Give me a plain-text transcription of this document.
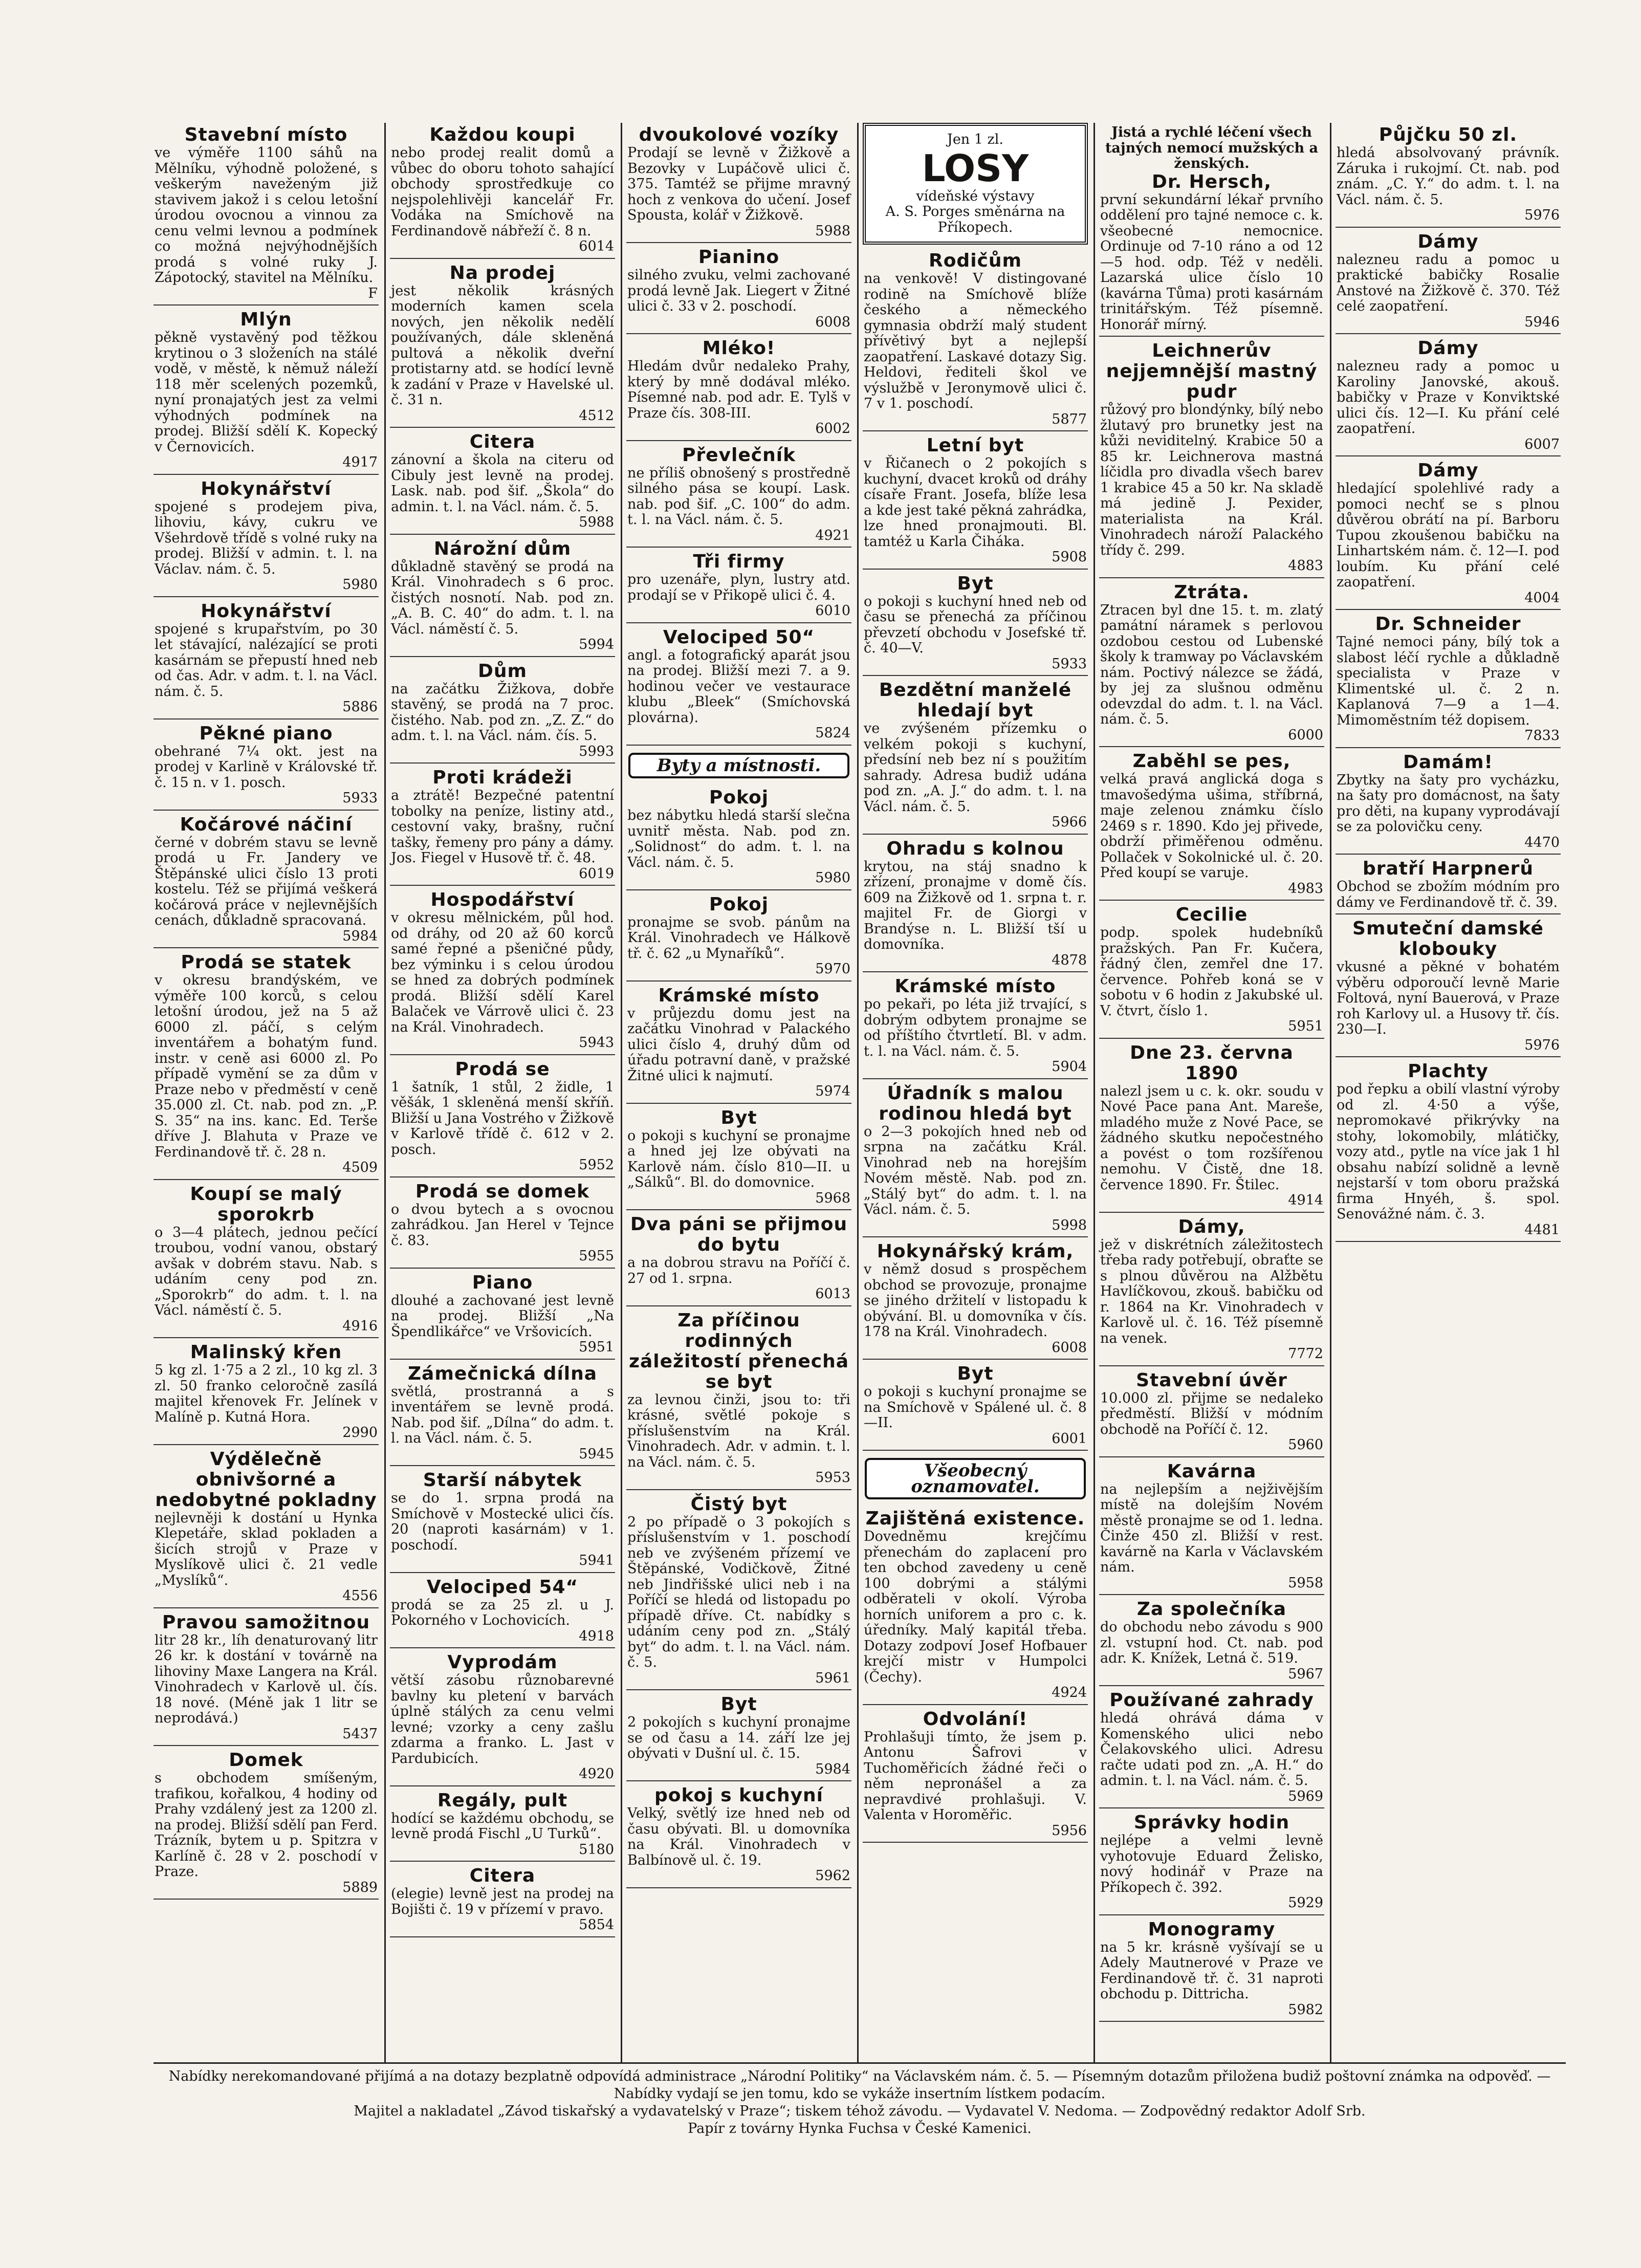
Stavební místo

ve výměře 1100 sáhů na Mělníku, výhodně položené, s veškerým naveženým již stavivem jakož i s celou letošní úrodou ovocnou a vinnou za cenu velmi levnou a podmínek co možná nejvýhodnějších prodá s volné ruky J. Zápotocký, stavitel na Mělníku.

F
Mlýn

pěkně vystavěný pod těžkou krytinou o 3 složeních na stálé vodě, v městě, k němuž náleží 118 měr scelených pozemků, nyní pronajatých jest za velmi výhodných podmínek na prodej. Bližší sdělí K. Kopecký v Černovicích.

4917
Hokynářství

spojené s prodejem piva, lihoviu, kávy, cukru ve Všehrdově třídě s volné ruky na prodej. Bližší v admin. t. l. na Václav. nám. č. 5.

5980
Hokynářství

spojené s krupařstvím, po 30 let stávající, nalézající se proti kasárnám se přepustí hned neb od čas. Adr. v adm. t. l. na Václ. nám. č. 5.

5886
Pěkné piano

obehrané 7¼ okt. jest na prodej v Karlině v Královské tř. č. 15 n. v 1. posch.

5933
Kočárové náčiní

černé v dobrém stavu se levně prodá u Fr. Jandery ve Štěpánské ulici číslo 13 proti kostelu. Též se přijímá veškerá kočárová práce v nejlevnějších cenách, důkladně spracovaná.

5984
Prodá se statek

v okresu brandýském, ve výměře 100 korců, s celou letošní úrodou, jež na 5 až 6000 zl. páčí, s celým inventářem a bohatým fund. instr. v ceně asi 6000 zl. Po případě vymění se za dům v Praze nebo v předměstí v ceně 35.000 zl. Ct. nab. pod zn. „P. S. 35“ na ins. kanc. Ed. Terše dříve J. Blahuta v Praze ve Ferdinandově tř. č. 28 n.

4509
Koupí se malý sporokrb

o 3—4 plátech, jednou pečící troubou, vodní vanou, obstarý avšak v dobrém stavu. Nab. s udáním ceny pod zn. „Sporokrb“ do adm. t. l. na Václ. náměstí č. 5.

4916
Malinský křen

5 kg zl. 1·75 a 2 zl., 10 kg zl. 3 zl. 50 franko celoročně zasílá majitel křenovek Fr. Jelínek v Malíně p. Kutná Hora.

2990
Výdělečně obnivšorné a nedobytné pokladny

nejlevněji k dostání u Hynka Klepetáře, sklad pokladen a šicích strojů v Praze v Myslíkově ulici č. 21 vedle „Myslíků“.

4556
Pravou samožitnou

litr 28 kr., líh denaturovaný litr 26 kr. k dostání v továrně na lihoviny Maxe Langera na Král. Vinohradech v Karlově ul. čís. 18 nové. (Méně jak 1 litr se neprodává.)

5437
Domek

s obchodem smíšeným, trafikou, kořalkou, 4 hodiny od Prahy vzdálený jest za 1200 zl. na prodej. Bližší sdělí pan Ferd. Trázník, bytem u p. Spitzra v Karlíně č. 28 v 2. poschodí v Praze.

5889
Každou koupi

nebo prodej realit domů a vůbec do oboru tohoto sahající obchody sprostředkuje co nejspolehlivěji kancelář Fr. Vodáka na Smíchově na Ferdinandově nábřeží č. 8 n.

6014
Na prodej

jest několik krásných moderních kamen scela nových, jen několik nedělí používaných, dále skleněná pultová a několik dveřní protistarny atd. se hodící levně k zadání v Praze v Havelské ul. č. 31 n.

4512
Citera

zánovní a škola na citeru od Cibuly jest levně na prodej. Lask. nab. pod šif. „Škola“ do admin. t. l. na Václ. nám. č. 5.

5988
Nárožní dům

důkladně stavěný se prodá na Král. Vinohradech s 6 proc. čistých nosnotí. Nab. pod zn. „A. B. C. 40“ do adm. t. l. na Václ. náměstí č. 5.

5994
Dům

na začátku Žižkova, dobře stavěný, se prodá na 7 proc. čistého. Nab. pod zn. „Z. Z.“ do adm. t. l. na Václ. nám. čís. 5.

5993
Proti krádeži

a ztrátě! Bezpečné patentní tobolky na peníze, listiny atd., cestovní vaky, brašny, ruční tašky, řemeny pro pány a dámy. Jos. Fiegel v Husově tř. č. 48.

6019
Hospodářství

v okresu mělnickém, půl hod. od dráhy, od 20 až 60 korců samé řepné a pšeničné půdy, bez výminku i s celou úrodou se hned za dobrých podmínek prodá. Bližší sdělí Karel Balaček ve Várrově ulici č. 23 na Král. Vinohradech.

5943
Prodá se

1 šatník, 1 stůl, 2 židle, 1 věšák, 1 skleněná menší skříň. Bližší u Jana Vostrého v Žižkově v Karlově třídě č. 612 v 2. posch.

5952
Prodá se domek

o dvou bytech a s ovocnou zahrádkou. Jan Herel v Tejnce č. 83.

5955
Piano

dlouhé a zachované jest levně na prodej. Bližší „Na Špendlikářce“ ve Vršovicích.

5951
Zámečnická dílna

světlá, prostranná a s inventářem se levně prodá. Nab. pod šif. „Dílna“ do adm. t. l. na Václ. nám. č. 5.

5945
Starší nábytek

se do 1. srpna prodá na Smíchově v Mostecké ulici čís. 20 (naproti kasárnám) v 1. poschodí.

5941
Velociped 54“

prodá se za 25 zl. u J. Pokorného v Lochovicích.

4918
Vyprodám

větší zásobu různobarevné bavlny ku pletení v barvách úplně stálých za cenu velmi levné; vzorky a ceny zašlu zdarma a franko. L. Jast v Pardubicích.

4920
Regály, pult

hodící se každému obchodu, se levně prodá Fischl „U Turků“.

5180
Citera

(elegie) levně jest na prodej na Bojišti č. 19 v přízemí v pravo.

5854
dvoukolové vozíky

Prodají se levně v Žižkově a Bezovky v Lupáčově ulici č. 375. Tamtéž se přijme mravný hoch z venkova do učení. Josef Spousta, kolář v Žižkově.

5988
Pianino

silného zvuku, velmi zachované prodá levně Jak. Liegert v Žitné ulici č. 33 v 2. poschodí.

6008
Mléko!

Hledám dvůr nedaleko Prahy, který by mně dodával mléko. Písemné nab. pod adr. E. Tylš v Praze čís. 308-III.

6002
Převlečník

ne příliš obnošený s prostředně silného pása se koupí. Lask. nab. pod šif. „C. 100“ do adm. t. l. na Václ. nám. č. 5.

4921
Tři firmy

pro uzenáře, plyn, lustry atd. prodají se v Přikopě ulici č. 4.

6010
Velociped 50“

angl. a fotografický aparát jsou na prodej. Bližší mezi 7. a 9. hodinou večer ve vestaurace klubu „Bleek“ (Smíchovská plovárna).

5824
Byty a místnosti.
Pokoj

bez nábytku hledá starší slečna uvnitř města. Nab. pod zn. „Solidnost“ do adm. t. l. na Václ. nám. č. 5.

5980
Pokoj

pronajme se svob. pánům na Král. Vinohradech ve Hálkově tř. č. 62 „u Mynaříků“.

5970
Krámské místo

v průjezdu domu jest na začátku Vinohrad v Palackého ulici číslo 4, druhý dům od úřadu potravní daně, v pražské Žitné ulici k najmutí.

5974
Byt

o pokoji s kuchyní se pronajme a hned jej lze obývati na Karlově nám. číslo 810—II. u „Sálků“. Bl. do domovnice.

5968
Dva páni se přijmou do bytu

a na dobrou stravu na Poříčí č. 27 od 1. srpna.

6013
Za příčinou rodinných záležitostí přenechá se byt

za levnou činži, jsou to: tři krásné, světlé pokoje s příslušenstvím na Král. Vinohradech. Adr. v admin. t. l. na Václ. nám. č. 5.

5953
Čistý byt

2 po případě o 3 pokojích s příslušenstvím v 1. poschodí neb ve zvýšeném přízemí ve Štěpánské, Vodičkově, Žitné neb Jindřišské ulici neb i na Poříčí se hledá od listopadu po případě dříve. Ct. nabídky s udáním ceny pod zn. „Stálý byt“ do adm. t. l. na Václ. nám. č. 5.

5961
Byt

2 pokojích s kuchyní pronajme se od času a 14. září lze jej obývati v Dušní ul. č. 15.

5984
pokoj s kuchyní

Velký, světlý ize hned neb od času obývati. Bl. u domovníka na Král. Vinohradech v Balbínově ul. č. 19.

5962
Jen 1 zl.
LOSY
vídeňské výstavy
A. S. Porges směnárna na Příkopech.
Rodičům

na venkově! V distingované rodině na Smíchově blíže českého a německého gymnasia obdrží malý student přívětivý byt a nejlepší zaopatření. Laskavé dotazy Sig. Heldovi, řediteli škol ve výslužbě v Jeronymově ulici č. 7 v 1. poschodí.

5877
Letní byt

v Řičanech o 2 pokojích s kuchyní, dvacet kroků od dráhy císaře Frant. Josefa, blíže lesa a kde jest také pěkná zahrádka, lze hned pronajmouti. Bl. tamtéž u Karla Čiháka.

5908
Byt

o pokoji s kuchyní hned neb od času se přenechá za příčinou převzetí obchodu v Josefské tř. č. 40—V.

5933
Bezdětní manželé hledají byt

ve zvýšeném přízemku o velkém pokoji s kuchyní, předsíní neb bez ní s použitím sahrady. Adresa budiž udána pod zn. „A. J.“ do adm. t. l. na Václ. nám. č. 5.

5966
Ohradu s kolnou

krytou, na stáj snadno k zřízení, pronajme v domě čís. 609 na Žižkově od 1. srpna t. r. majitel Fr. de Giorgi v Brandýse n. L. Bližší tší u domovníka.

4878
Krámské místo

po pekaři, po léta již trvající, s dobrým odbytem pronajme se od příštího čtvrtletí. Bl. v adm. t. l. na Václ. nám. č. 5.

5904
Úřadník s malou rodinou hledá byt

o 2—3 pokojích hned neb od srpna na začátku Král. Vinohrad neb na horejším Novém městě. Nab. pod zn. „Stálý byt“ do adm. t. l. na Václ. nám. č. 5.

5998
Hokynářský krám,

v němž dosud s prospěchem obchod se provozuje, pronajme se jiného držitelí v listopadu k obývání. Bl. u domovníka v čís. 178 na Král. Vinohradech.

6008
Byt

o pokoji s kuchyní pronajme se na Smíchově v Spálené ul. č. 8—II.

6001
Všeobecný oznamovatel.
Zajištěná existence.

Dovedněmu krejčímu přenechám do zaplacení pro ten obchod zavedeny u ceně 100 dobrými a stálými odběrateli v okolí. Výroba horních uniforem a pro c. k. úředníky. Malý kapitál třeba. Dotazy zodpoví Josef Hofbauer krejčí mistr v Humpolci (Čechy).

4924
Odvolání!

Prohlašuji tímto, že jsem p. Antonu Šafrovi v Tuchoměřicích žádné řeči o něm nepronášel a za nepravdivé prohlašuji. V. Valenta v Horoměřic.

5956

Jistá a rychlé léčení všech tajných nemocí mužských a ženských.

Dr. Hersch,

první sekundární lékař prvního oddělení pro tajné nemoce c. k. všeobecné nemocnice. Ordinuje od 7-10 ráno a od 12—5 hod. odp. Též v neděli. Lazarská ulice číslo 10 (kavárna Tůma) proti kasárnám trinitářským. Též písemně. Honorář mírný.

Leichnerův nejjemnější mastný pudr

růžový pro blondýnky, bílý nebo žlutavý pro brunetky jest na kůži neviditelný. Krabice 50 a 85 kr. Leichnerova mastná líčidla pro divadla všech barev 1 krabice 45 a 50 kr. Na skladě má jedině J. Pexider, materialista na Král. Vinohradech nároží Palackého třídy č. 299.

4883
Ztráta.

Ztracen byl dne 15. t. m. zlatý památní náramek s perlovou ozdobou cestou od Lubenské školy k tramway po Václavském nám. Poctivý nálezce se žádá, by jej za slušnou odměnu odevzdal do adm. t. l. na Václ. nám. č. 5.

6000
Zaběhl se pes,

velká pravá anglická doga s tmavošedýma ušima, stříbrná, maje zelenou známku číslo 2469 s r. 1890. Kdo jej přivede, obdrží přiměřenou odměnu. Pollaček v Sokolnické ul. č. 20. Před koupí se varuje.

4983
Cecilie

podp. spolek hudebníků pražských. Pan Fr. Kučera, řádný člen, zemřel dne 17. července. Pohřeb koná se v sobotu v 6 hodin z Jakubské ul. V. čtvrt, číslo 1.

5951
Dne 23. června 1890

nalezl jsem u c. k. okr. soudu v Nové Pace pana Ant. Mareše, mladého muže z Nové Pace, se žádného skutku nepočestného a povést o tom rozšířenou nemohu. V Čistě, dne 18. července 1890. Fr. Štilec.

4914
Dámy,

jež v diskrétních záležitostech třeba rady potřebují, obraťte se s plnou důvěrou na Alžbětu Havlíčkovou, zkouš. babičku od r. 1864 na Kr. Vinohradech v Karlově ul. č. 16. Též písemně na venek.

7772
Stavební úvěr

10.000 zl. přijme se nedaleko předměstí. Bližší v módním obchodě na Poříčí č. 12.

5960
Kavárna

na nejlepším a nejživějším místě na dolejším Novém městě pronajme se od 1. ledna. Činže 450 zl. Bližší v rest. kavárně na Karla v Václavském nám.

5958
Za společníka

do obchodu nebo závodu s 900 zl. vstupní hod. Ct. nab. pod adr. K. Knížek, Letná č. 519.

5967
Používané zahrady

hledá ohrává dáma v Komenského ulici nebo Čelakovského ulici. Adresu račte udati pod zn. „A. H.“ do admin. t. l. na Václ. nám. č. 5.

5969
Správky hodin

nejlépe a velmi levně vyhotovuje Eduard Želisko, nový hodinář v Praze na Příkopech č. 392.

5929
Monogramy

na 5 kr. krásně vyšívají se u Adely Mautnerové v Praze ve Ferdinandově tř. č. 31 naproti obchodu p. Dittricha.

5982
Půjčku 50 zl.

hledá absolvovaný právník. Záruka i rukojmí. Ct. nab. pod znám. „C. Y.“ do adm. t. l. na Václ. nám. č. 5.

5976
Dámy

nalezneu radu a pomoc u praktické babičky Rosalie Anstové na Žižkově č. 370. Též celé zaopatření.

5946
Dámy

nalezneu rady a pomoc u Karoliny Janovské, akouš. babičky v Praze v Konviktské ulici čís. 12—I. Ku přání celé zaopatření.

6007
Dámy

hledající spolehlivé rady a pomoci nechť se s plnou důvěrou obrátí na pí. Barboru Tupou zkoušenou babičku na Linhartském nám. č. 12—I. pod loubím. Ku přání celé zaopatření.

4004
Dr. Schneider

Tajné nemoci pány, bílý tok a slabost léčí rychle a důkladně specialista v Praze v Klimentské ul. č. 2 n. Kaplanová 7—9 a 1—4. Mimoměstním též dopisem.

7833
Damám!

Zbytky na šaty pro vycházku, na šaty pro domácnost, na šaty pro děti, na kupany vyprodávají se za polovičku ceny.

4470
bratří Harpnerů

Obchod se zbožím módním pro dámy ve Ferdinandově tř. č. 39.

Smuteční damské klobouky

vkusné a pěkné v bohatém výběru odporoučí levně Marie Foltová, nyní Bauerová, v Praze roh Karlovy ul. a Husovy tř. čís. 230—I.

5976
Plachty

pod řepku a obilí vlastní výroby od zl. 4·50 a výše, nepromokavé přikrývky na stohy, lokomobily, mlátičky, vozy atd., pytle na více jak 1 hl obsahu nabízí solidně a levně nejstarší v tom oboru pražská firma Hnyéh, š. spol. Senovážné nám. č. 3.

4481
Nabídky nerekomandované přijímá a na dotazy bezplatně odpovídá administrace „Národní Politiky“ na Václavském nám. č. 5. — Písemným dotazům přiložena budiž poštovní známka na odpověď. — Nabídky vydají se jen tomu, kdo se vykáže insertním lístkem podacím.
Majitel a nakladatel „Závod tiskařský a vydavatelský v Praze“; tiskem téhož závodu. — Vydavatel V. Nedoma. — Zodpovědný redaktor Adolf Srb.
Papír z továrny Hynka Fuchsa v České Kamenici.
